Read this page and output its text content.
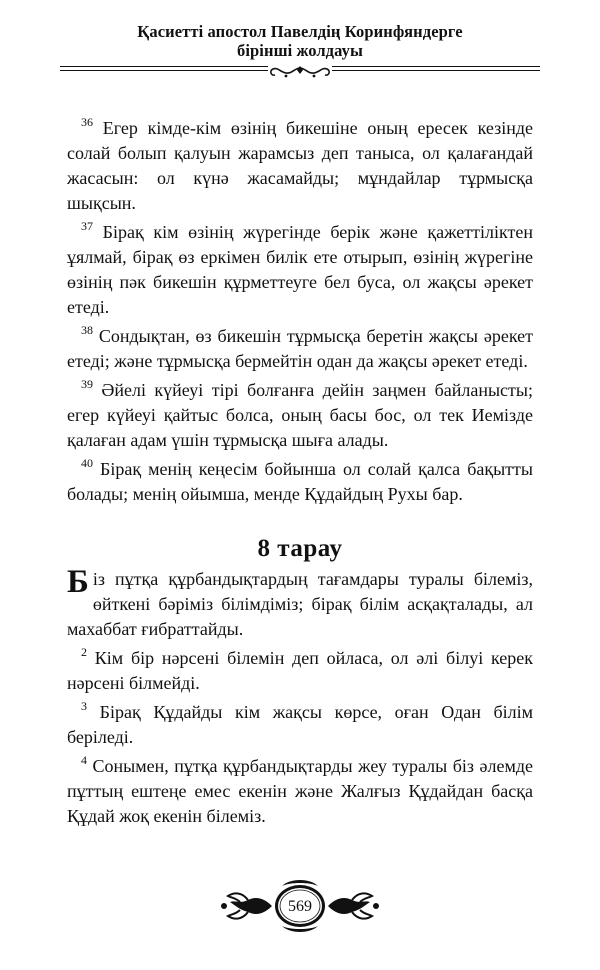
Қасиетті апостол Павелдің Коринфяндерге
бірінші жолдауы

$^{36}$ Егер кімде-кім өзінің бикешіне оның ересек кезінде солай болып қалуын жарамсыз деп таныса, ол қалағандай жасасын: ол күнә жасамайды; мұндайлар тұрмысқа шықсын.

$^{37}$ Бірақ кім өзінің жүрегінде берік және қажеттіліктен ұялмай, бірақ өз еркімен билік ете отырып, өзінің жүрегіне өзінің пәк бикешін құрметтеуге бел буса, ол жақсы әрекет етеді.

$^{38}$ Сондықтан, өз бикешін тұрмысқа беретін жақсы әрекет етеді; және тұрмысқа бермейтін одан да жақсы әрекет етеді.

$^{39}$ Әйелі күйеуі тірі болғанға дейін заңмен байланысты; егер күйеуі қайтыс болса, оның басы бос, ол тек Иемізде қалаған адам үшін тұрмысқа шыға алады.

$^{40}$ Бірақ менің кеңесім бойынша ол солай қалса бақытты болады; менің ойымша, менде Құдайдың Рухы бар.

8 тарау

Біз пұтқа құрбандықтардың тағамдары туралы білеміз, өйткені бәріміз білімдіміз; бірақ білім асқақталады, ал махаббат ғибраттайды.

$^2$ Кім бір нәрсені білемін деп ойласа, ол әлі білуі керек нәрсені білмейді.

$^3$ Бірақ Құдайды кім жақсы көрсе, оған Одан білім беріледі.

$^4$ Сонымен, пұтқа құрбандықтарды жеу туралы біз әлемде пұттың ештеңе емес екенін және Жалғыз Құдайдан басқа Құдай жоқ екенін білеміз.

569
